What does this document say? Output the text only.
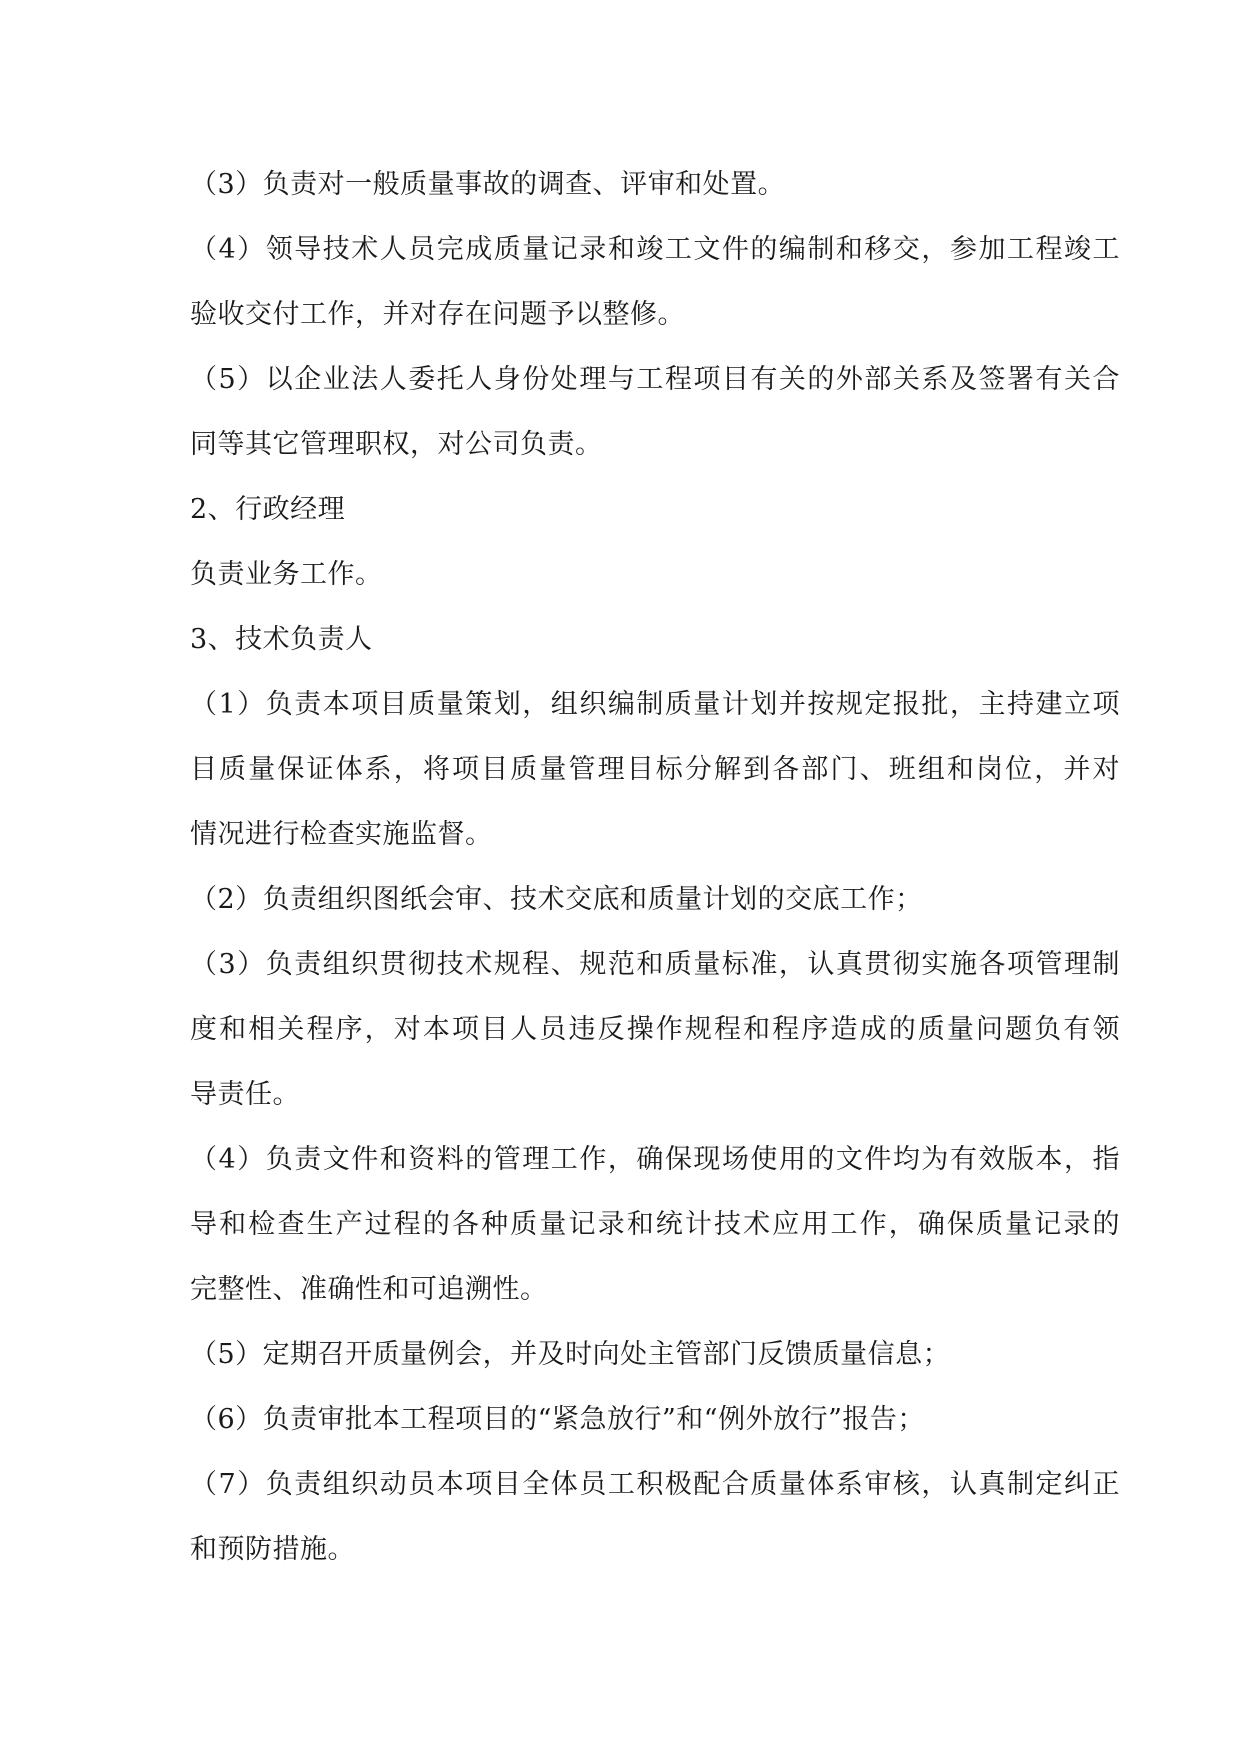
（3）负责对一般质量事故的调查、评审和处置。
（4）领导技术人员完成质量记录和竣工文件的编制和移交，参加工程竣工
验收交付工作，并对存在问题予以整修。
（5）以企业法人委托人身份处理与工程项目有关的外部关系及签署有关合
同等其它管理职权，对公司负责。
2、行政经理
负责业务工作。
3、技术负责人
（1）负责本项目质量策划，组织编制质量计划并按规定报批，主持建立项
目质量保证体系，将项目质量管理目标分解到各部门、班组和岗位，并对
情况进行检查实施监督。
（2）负责组织图纸会审、技术交底和质量计划的交底工作；
（3）负责组织贯彻技术规程、规范和质量标准，认真贯彻实施各项管理制
度和相关程序，对本项目人员违反操作规程和程序造成的质量问题负有领
导责任。
（4）负责文件和资料的管理工作，确保现场使用的文件均为有效版本，指
导和检查生产过程的各种质量记录和统计技术应用工作，确保质量记录的
完整性、准确性和可追溯性。
（5）定期召开质量例会，并及时向处主管部门反馈质量信息；
（6）负责审批本工程项目的“紧急放行”和“例外放行”报告；
（7）负责组织动员本项目全体员工积极配合质量体系审核，认真制定纠正
和预防措施。
